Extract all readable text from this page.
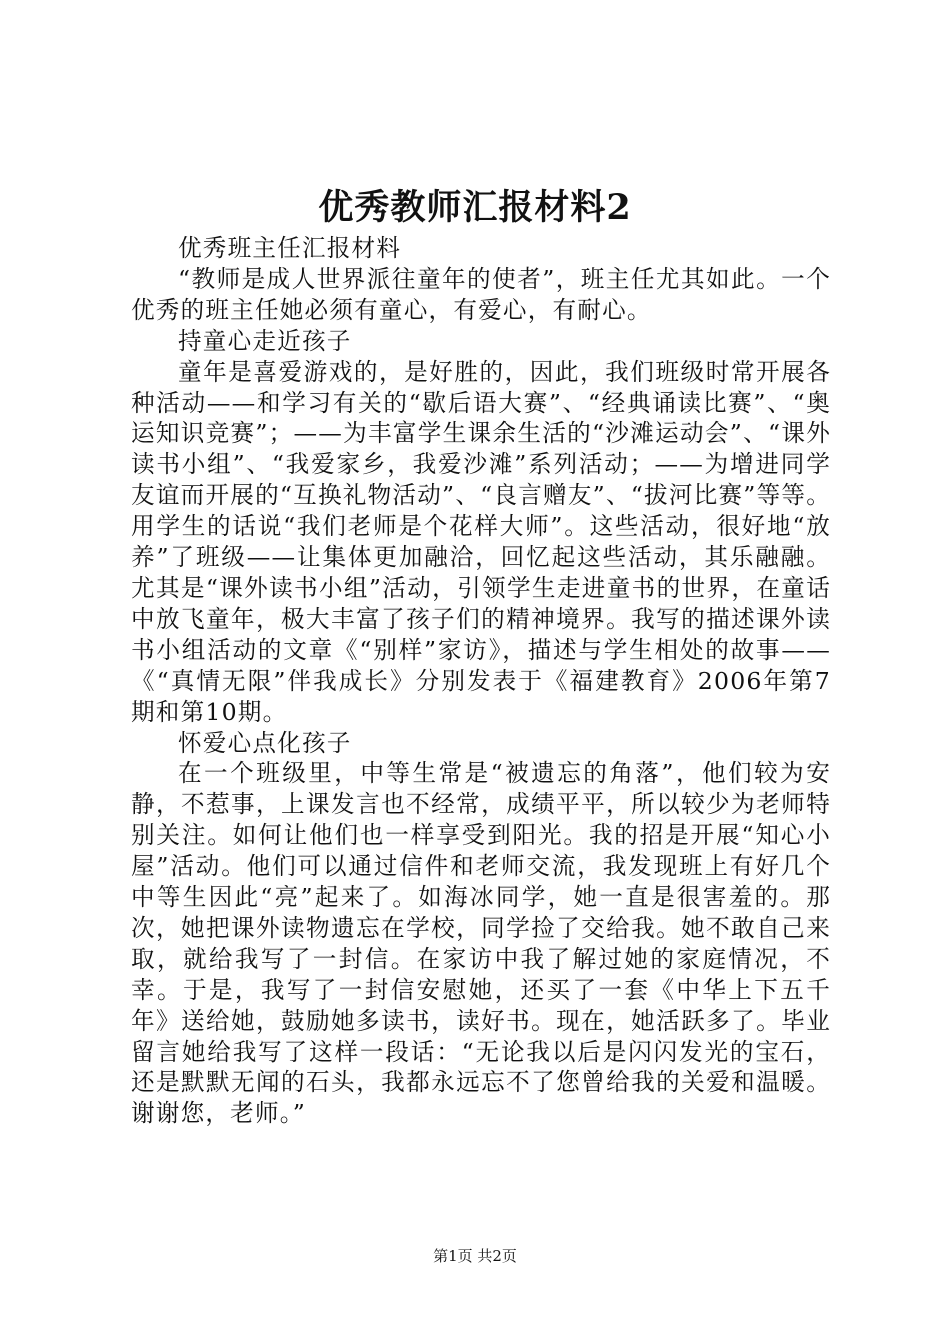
优秀教师汇报材料2

优秀班主任汇报材料

“教师是成人世界派往童年的使者”，班主任尤其如此。一个优秀的班主任她必须有童心，有爱心，有耐心。

持童心走近孩子

童年是喜爱游戏的，是好胜的，因此，我们班级时常开展各种活动——和学习有关的“歇后语大赛”、“经典诵读比赛”、“奥运知识竞赛”；——为丰富学生课余生活的“沙滩运动会”、“课外读书小组”、“我爱家乡，我爱沙滩”系列活动；——为增进同学友谊而开展的“互换礼物活动”、“良言赠友”、“拔河比赛”等等。用学生的话说“我们老师是个花样大师”。这些活动，很好地“放养”了班级——让集体更加融洽，回忆起这些活动，其乐融融。尤其是“课外读书小组”活动，引领学生走进童书的世界，在童话中放飞童年，极大丰富了孩子们的精神境界。我写的描述课外读书小组活动的文章《“别样”家访》，描述与学生相处的故事——《“真情无限”伴我成长》分别发表于《福建教育》2006年第7期和第10期。

怀爱心点化孩子

在一个班级里，中等生常是“被遗忘的角落”，他们较为安静，不惹事，上课发言也不经常，成绩平平，所以较少为老师特别关注。如何让他们也一样享受到阳光。我的招是开展“知心小屋”活动。他们可以通过信件和老师交流，我发现班上有好几个中等生因此“亮”起来了。如海冰同学，她一直是很害羞的。那次，她把课外读物遗忘在学校，同学捡了交给我。她不敢自己来取，就给我写了一封信。在家访中我了解过她的家庭情况，不幸。于是，我写了一封信安慰她，还买了一套《中华上下五千年》送给她，鼓励她多读书，读好书。现在，她活跃多了。毕业留言她给我写了这样一段话：“无论我以后是闪闪发光的宝石，还是默默无闻的石头，我都永远忘不了您曾给我的关爱和温暖。谢谢您，老师。”

第1页 共2页
